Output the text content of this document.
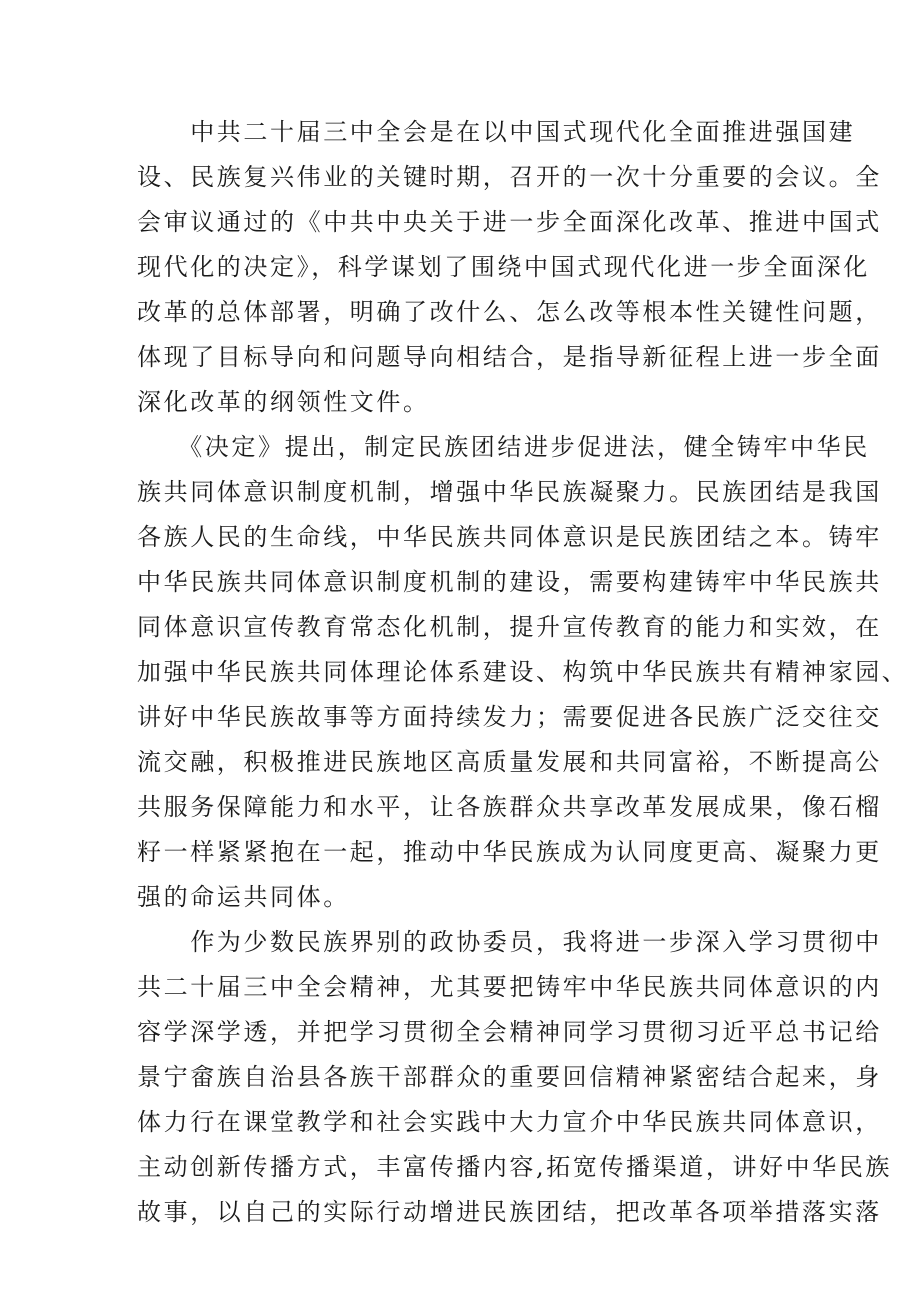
　　中共二十届三中全会是在以中国式现代化全面推进强国建
设、民族复兴伟业的关键时期，召开的一次十分重要的会议。全
会审议通过的《中共中央关于进一步全面深化改革、推进中国式
现代化的决定》，科学谋划了围绕中国式现代化进一步全面深化
改革的总体部署，明确了改什么、怎么改等根本性关键性问题，
体现了目标导向和问题导向相结合，是指导新征程上进一步全面
深化改革的纲领性文件。
　　《决定》提出，制定民族团结进步促进法，健全铸牢中华民
族共同体意识制度机制，增强中华民族凝聚力。民族团结是我国
各族人民的生命线，中华民族共同体意识是民族团结之本。铸牢
中华民族共同体意识制度机制的建设，需要构建铸牢中华民族共
同体意识宣传教育常态化机制，提升宣传教育的能力和实效，在
加强中华民族共同体理论体系建设、构筑中华民族共有精神家园、
讲好中华民族故事等方面持续发力；需要促进各民族广泛交往交
流交融，积极推进民族地区高质量发展和共同富裕，不断提高公
共服务保障能力和水平，让各族群众共享改革发展成果，像石榴
籽一样紧紧抱在一起，推动中华民族成为认同度更高、凝聚力更
强的命运共同体。
　　作为少数民族界别的政协委员，我将进一步深入学习贯彻中
共二十届三中全会精神，尤其要把铸牢中华民族共同体意识的内
容学深学透，并把学习贯彻全会精神同学习贯彻习近平总书记给
景宁畲族自治县各族干部群众的重要回信精神紧密结合起来，身
体力行在课堂教学和社会实践中大力宣介中华民族共同体意识，
主动创新传播方式，丰富传播内容,拓宽传播渠道，讲好中华民族
故事，以自己的实际行动增进民族团结，把改革各项举措落实落
